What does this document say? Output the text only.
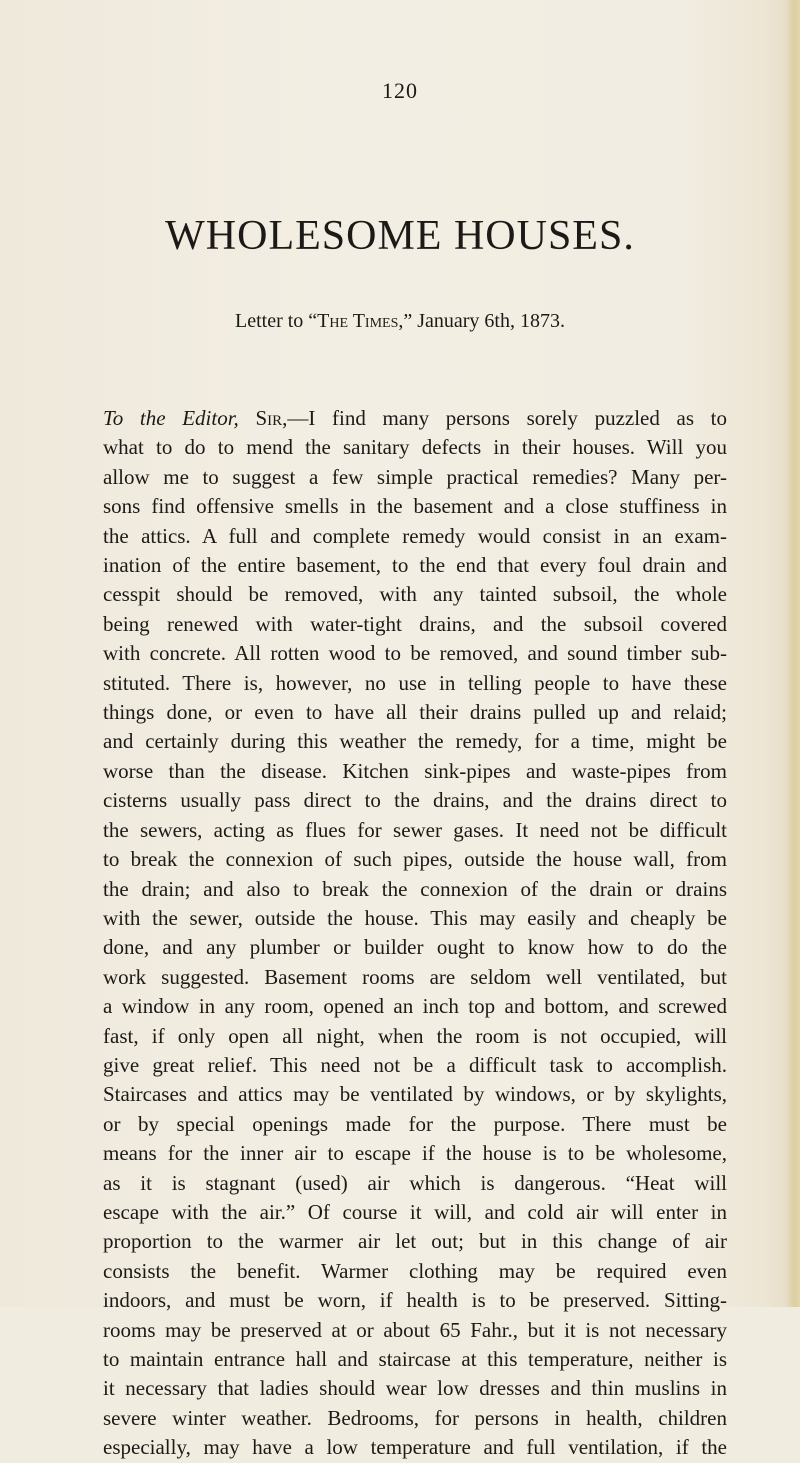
120
WHOLESOME HOUSES.
Letter to “The Times,” January 6th, 1873.
To the Editor, Sir,—I find many persons sorely puzzled as to
what to do to mend the sanitary defects in their houses. Will you
allow me to suggest a few simple practical remedies? Many per-
sons find offensive smells in the basement and a close stuffiness in
the attics. A full and complete remedy would consist in an exam-
ination of the entire basement, to the end that every foul drain and
cesspit should be removed, with any tainted subsoil, the whole
being renewed with water-tight drains, and the subsoil covered
with concrete. All rotten wood to be removed, and sound timber sub-
stituted. There is, however, no use in telling people to have these
things done, or even to have all their drains pulled up and relaid;
and certainly during this weather the remedy, for a time, might be
worse than the disease. Kitchen sink-pipes and waste-pipes from
cisterns usually pass direct to the drains, and the drains direct to
the sewers, acting as flues for sewer gases. It need not be difficult
to break the connexion of such pipes, outside the house wall, from
the drain; and also to break the connexion of the drain or drains
with the sewer, outside the house. This may easily and cheaply be
done, and any plumber or builder ought to know how to do the
work suggested. Basement rooms are seldom well ventilated, but
a window in any room, opened an inch top and bottom, and screwed
fast, if only open all night, when the room is not occupied, will
give great relief. This need not be a difficult task to accomplish.
Staircases and attics may be ventilated by windows, or by skylights,
or by special openings made for the purpose. There must be
means for the inner air to escape if the house is to be wholesome,
as it is stagnant (used) air which is dangerous. “Heat will
escape with the air.” Of course it will, and cold air will enter in
proportion to the warmer air let out; but in this change of air
consists the benefit. Warmer clothing may be required even
indoors, and must be worn, if health is to be preserved. Sitting-
rooms may be preserved at or about 65 Fahr., but it is not necessary
to maintain entrance hall and staircase at this temperature, neither is
it necessary that ladies should wear low dresses and thin muslins in
severe winter weather. Bedrooms, for persons in health, children
especially, may have a low temperature and full ventilation, if the
